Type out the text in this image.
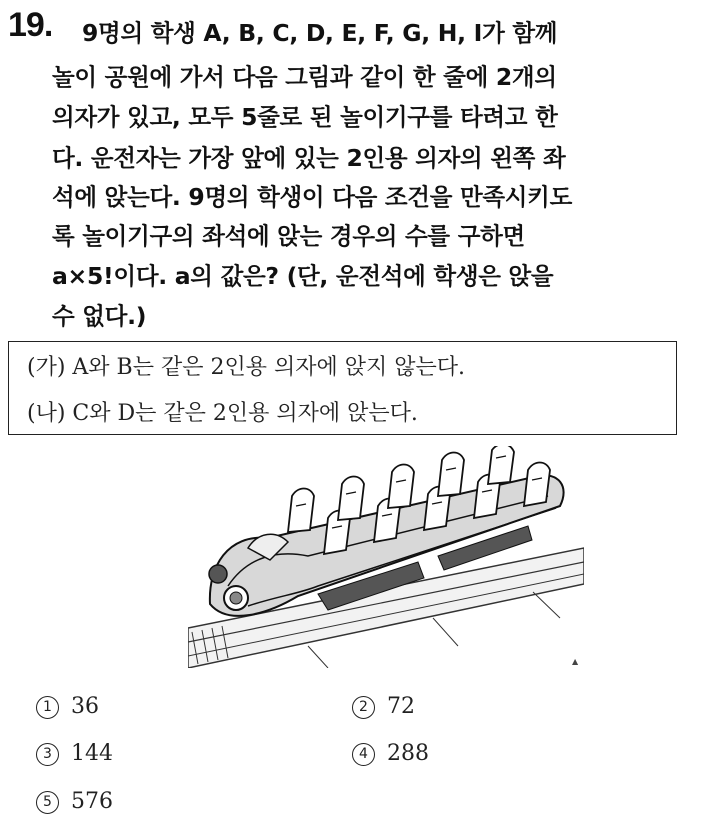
19. 9명의 학생 A, B, C, D, E, F, G, H, I가 함께
놀이 공원에 가서 다음 그림과 같이 한 줄에 2개의
의자가 있고, 모두 5줄로 된 놀이기구를 타려고 한
다. 운전자는 가장 앞에 있는 2인용 의자의 왼쪽 좌
석에 앉는다. 9명의 학생이 다음 조건을 만족시키도
록 놀이기구의 좌석에 앉는 경우의 수를 구하면
a×5!이다. a의 값은? (단, 운전석에 학생은 앉을
수 없다.)
(가) A와 B는 같은 2인용 의자에 앉지 않는다.
(나) C와 D는 같은 2인용 의자에 앉는다.
▲
1 36	2 72
3 144	4 288
5 576
